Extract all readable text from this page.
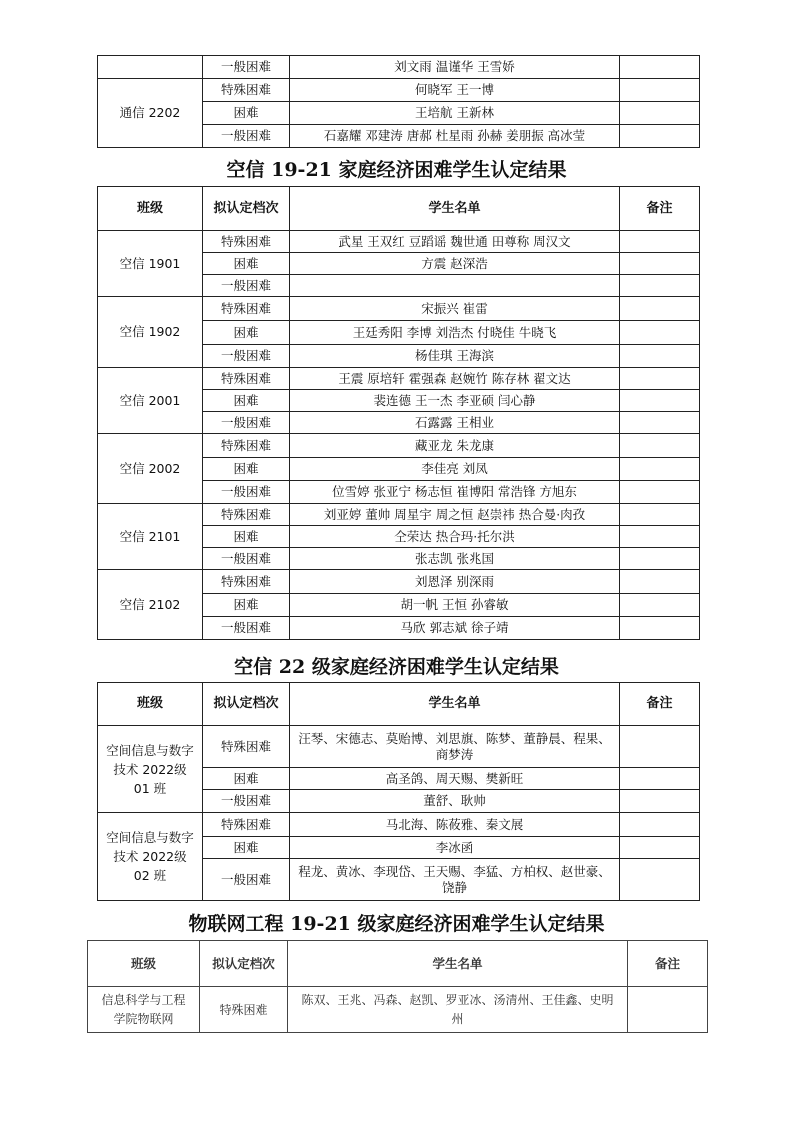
	一般困难	刘文雨 温谨华 王雪娇	
通信 2202	特殊困难	何晓军 王一博	
	困难	王培航 王新林	
	一般困难	石嘉耀 邓建涛 唐郝 杜星雨 孙赫 姜朋振 高冰莹	
空信 19-21 家庭经济困难学生认定结果
班级	拟认定档次	学生名单	备注
空信 1901	特殊困难	武星 王双红 豆蹈谣 魏世通 田尊称 周汉文	
	困难	方震 赵深浩	
	一般困难		
空信 1902	特殊困难	宋振兴 崔雷	
	困难	王廷秀阳 李博 刘浩杰 付晓佳 牛晓飞	
	一般困难	杨佳琪 王海滨	
空信 2001	特殊困难	王震 原培轩 霍强森 赵婉竹 陈存林 翟文达	
	困难	裴连德 王一杰 李亚硕 闫心静	
	一般困难	石露露 王相业	
空信 2002	特殊困难	藏亚龙 朱龙康	
	困难	李佳亮 刘凤	
	一般困难	位雪婷 张亚宁 杨志恒 崔博阳 常浩锋 方旭东	
空信 2101	特殊困难	刘亚婷 董帅 周星宇 周之恒 赵崇祎 热合曼·肉孜	
	困难	仝荣达 热合玛·托尔洪	
	一般困难	张志凯 张兆国	
空信 2102	特殊困难	刘恩泽 别深雨	
	困难	胡一帆 王恒 孙睿敏	
	一般困难	马欣 郭志斌 徐子靖	
空信 22 级家庭经济困难学生认定结果
班级	拟认定档次	学生名单	备注
空间信息与数字技术 2022级 01 班	特殊困难	汪琴、宋德志、莫贻博、刘思旗、陈梦、董静晨、程果、商梦涛	
	困难	高圣鸽、周天赐、樊新旺	
	一般困难	董舒、耿帅	
空间信息与数字技术 2022级 02 班	特殊困难	马北海、陈莜雅、秦文展	
	困难	李冰函	
	一般困难	程龙、黄冰、李现岱、王天赐、李猛、方柏权、赵世豪、饶静	
物联网工程 19-21 级家庭经济困难学生认定结果
班级	拟认定档次	学生名单	备注
信息科学与工程学院物联网	特殊困难	陈双、王兆、冯森、赵凯、罗亚冰、汤清州、王佳鑫、史明州	
